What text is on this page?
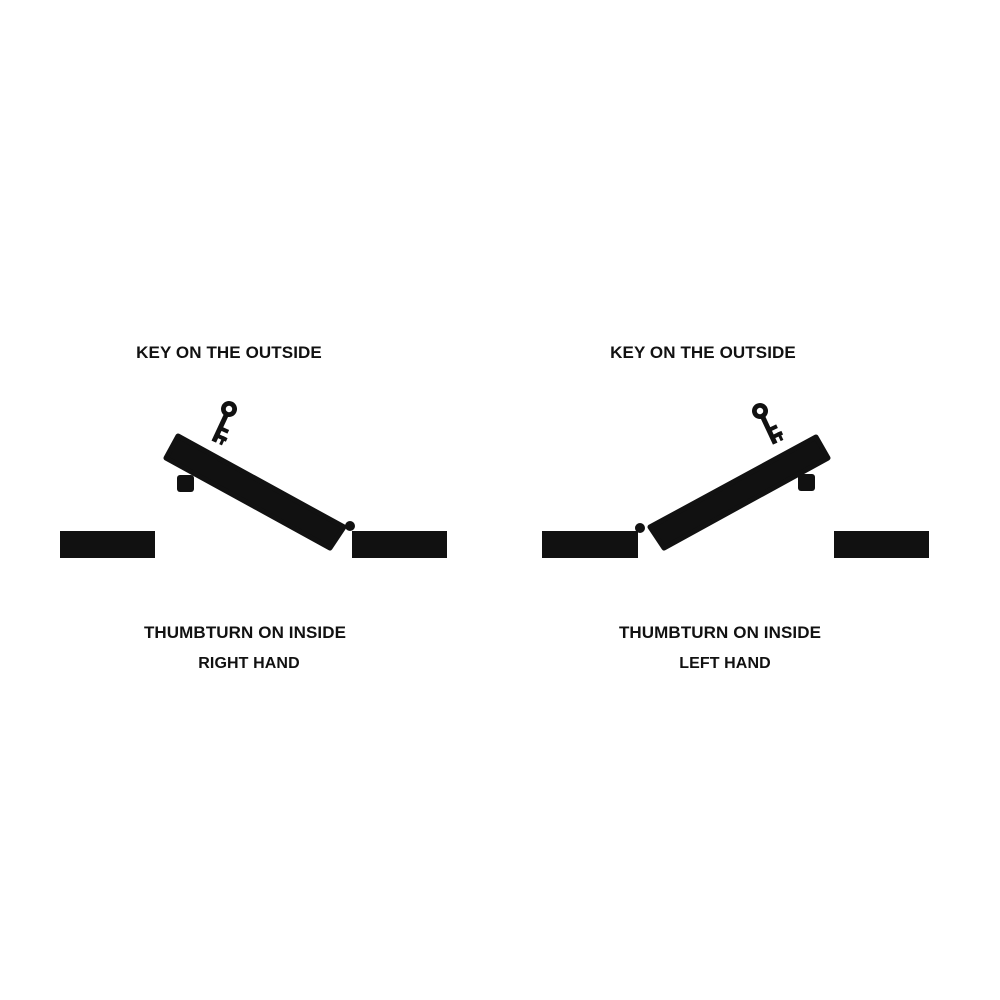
KEY ON THE OUTSIDE

THUMBTURN ON INSIDE

RIGHT HAND

KEY ON THE OUTSIDE

THUMBTURN ON INSIDE

LEFT HAND
